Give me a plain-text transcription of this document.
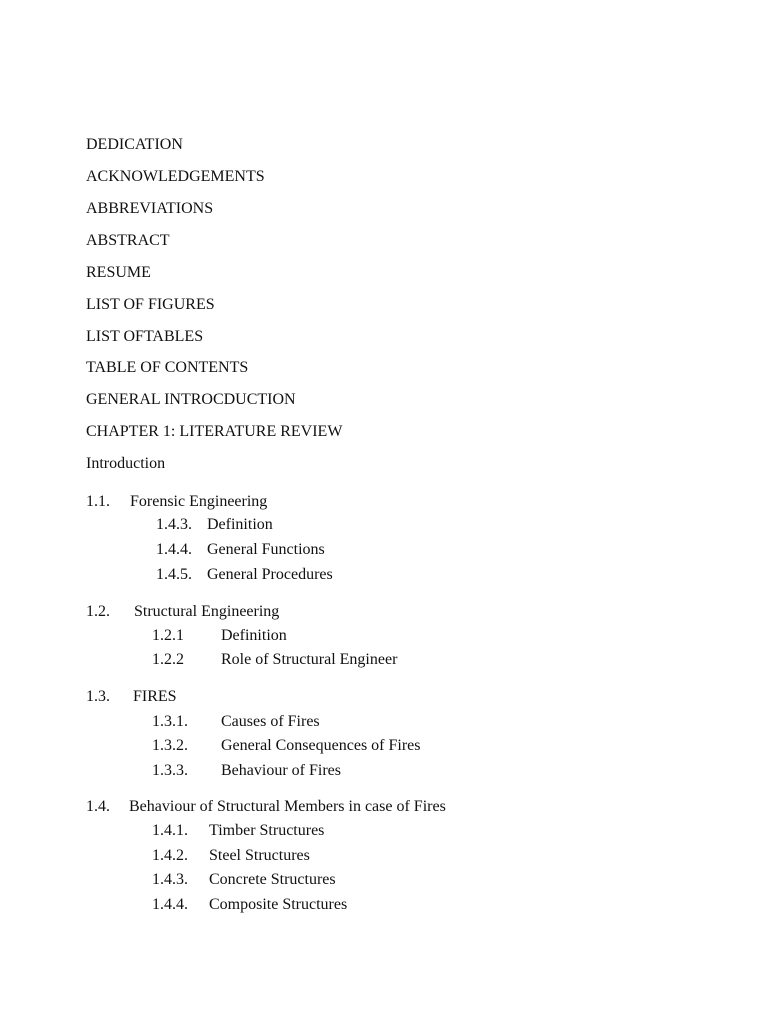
DEDICATION
ACKNOWLEDGEMENTS
ABBREVIATIONS
ABSTRACT
RESUME
LIST OF FIGURES
LIST OFTABLES
TABLE OF CONTENTS
GENERAL INTROCDUCTION
CHAPTER 1: LITERATURE REVIEW
Introduction
1.1. Forensic Engineering
1.4.3. Definition
1.4.4. General Functions
1.4.5. General Procedures
1.2. Structural Engineering
1.2.1 Definition
1.2.2 Role of Structural Engineer
1.3. FIRES
1.3.1. Causes of Fires
1.3.2. General Consequences of Fires
1.3.3. Behaviour of Fires
1.4. Behaviour of Structural Members in case of Fires
1.4.1. Timber Structures
1.4.2. Steel Structures
1.4.3. Concrete Structures
1.4.4. Composite Structures
